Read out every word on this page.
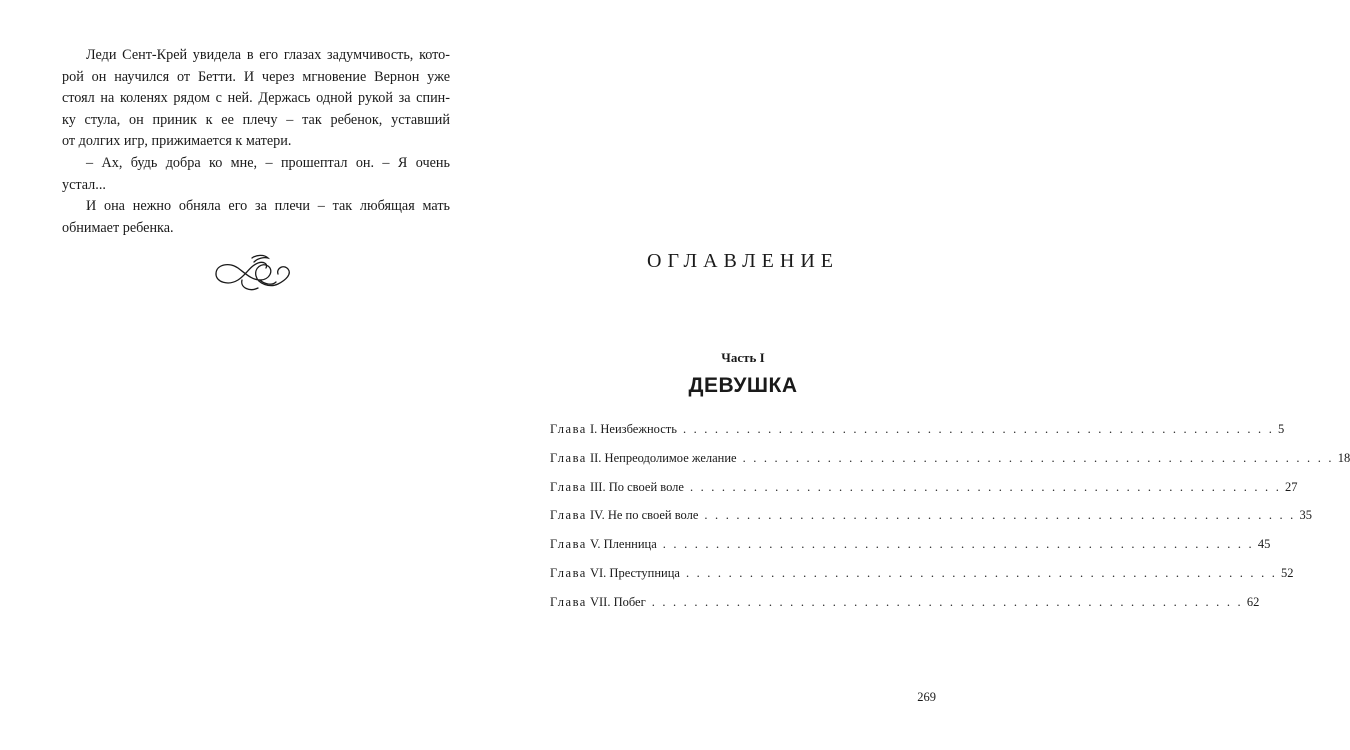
Леди Сент-Крей увидела в его глазах задумчивость, кото-
рой он научился от Бетти. И через мгновение Вернон уже
стоял на коленях рядом с ней. Держась одной рукой за спин-
ку стула, он приник к ее плечу – так ребенок, уставший
от долгих игр, прижимается к матери.
– Ах, будь добра ко мне, – прошептал он. – Я очень
устал...
И она нежно обняла его за плечи – так любящая мать
обнимает ребенка.
ОГЛАВЛЕНИЕ
Часть I
ДЕВУШКА
Глава I. Неизбежность . . . . . . . . . . . . . . . . . . . . . . . . . . . . . . . . . . . . . . . . . . . . . . . . . . . . . . . . 5
Глава II. Непреодолимое желание . . . . . . . . . . . . . . . . . . . . . . . . . . . . . . . . . . . . . . . . . . . . . . . . . . . . . . . . 18
Глава III. По своей воле . . . . . . . . . . . . . . . . . . . . . . . . . . . . . . . . . . . . . . . . . . . . . . . . . . . . . . . . 27
Глава IV. Не по своей воле . . . . . . . . . . . . . . . . . . . . . . . . . . . . . . . . . . . . . . . . . . . . . . . . . . . . . . . . 35
Глава V. Пленница . . . . . . . . . . . . . . . . . . . . . . . . . . . . . . . . . . . . . . . . . . . . . . . . . . . . . . . . 45
Глава VI. Преступница . . . . . . . . . . . . . . . . . . . . . . . . . . . . . . . . . . . . . . . . . . . . . . . . . . . . . . . . 52
Глава VII. Побег . . . . . . . . . . . . . . . . . . . . . . . . . . . . . . . . . . . . . . . . . . . . . . . . . . . . . . . . 62
269
